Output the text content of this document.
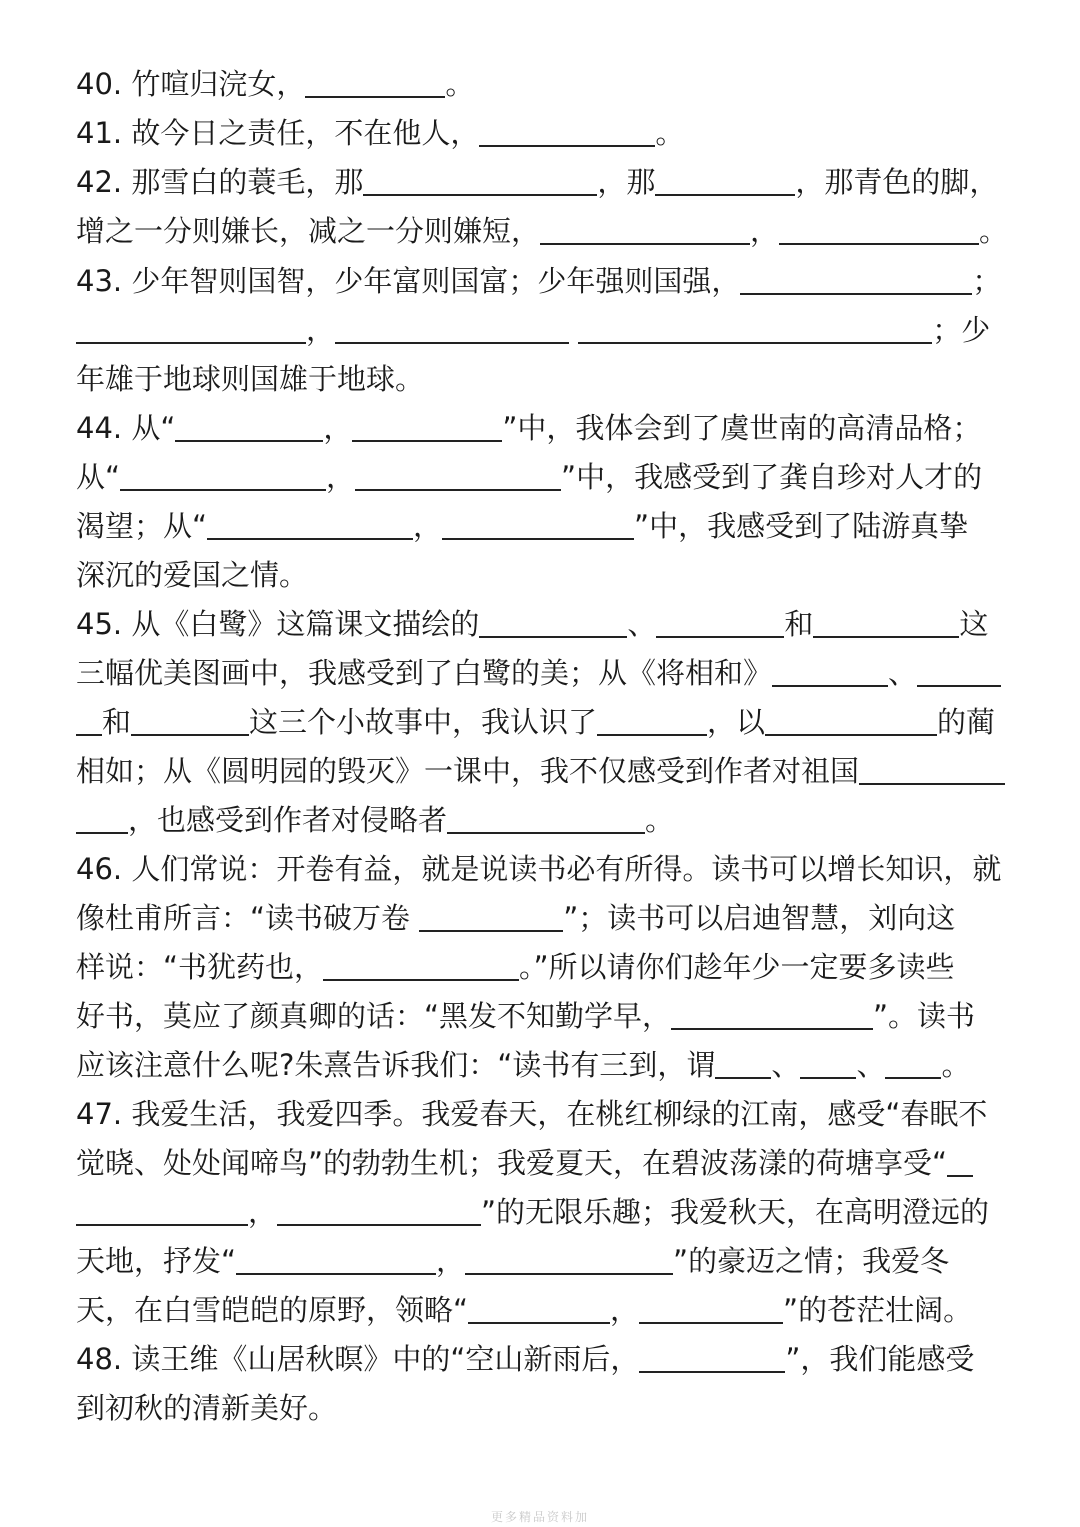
40. 竹喧归浣女，	。
41. 故今日之责任，不在他人，	。
42. 那雪白的蓑毛，那	，那	，那青色的脚，
增之一分则嫌长，减之一分则嫌短，	，	。
43. 少年智则国智，少年富则国富；少年强则国强，	；
，	；少
年雄于地球则国雄于地球。
44. 从“	，	”中，我体会到了虞世南的高清品格；
从“	，	”中，我感受到了龚自珍对人才的
渴望；从“	，	”中，我感受到了陆游真挚
深沉的爱国之情。
45. 从《白鹭》这篇课文描绘的	、	和	这
三幅优美图画中，我感受到了白鹭的美；从《将相和》	、
和	这三个小故事中，我认识了	，以	的蔺
相如；从《圆明园的毁灭》一课中，我不仅感受到作者对祖国
，也感受到作者对侵略者	。
46. 人们常说：开卷有益，就是说读书必有所得。读书可以增长知识，就
像杜甫所言：“读书破万卷	”；读书可以启迪智慧，刘向这
样说：“书犹药也，	。”所以请你们趁年少一定要多读些
好书，莫应了颜真卿的话：“黑发不知勤学早，	”。读书
应该注意什么呢?朱熹告诉我们：“读书有三到，谓 、 、 。
47. 我爱生活，我爱四季。我爱春天，在桃红柳绿的江南，感受“春眠不
觉晓、处处闻啼鸟”的勃勃生机；我爱夏天，在碧波荡漾的荷塘享受“
，	”的无限乐趣；我爱秋天，在高明澄远的
天地，抒发“	，	”的豪迈之情；我爱冬
天，在白雪皑皑的原野，领略“	，	”的苍茫壮阔。
48. 读王维《山居秋暝》中的“空山新雨后，	”，我们能感受
到初秋的清新美好。
更多精品资料加
